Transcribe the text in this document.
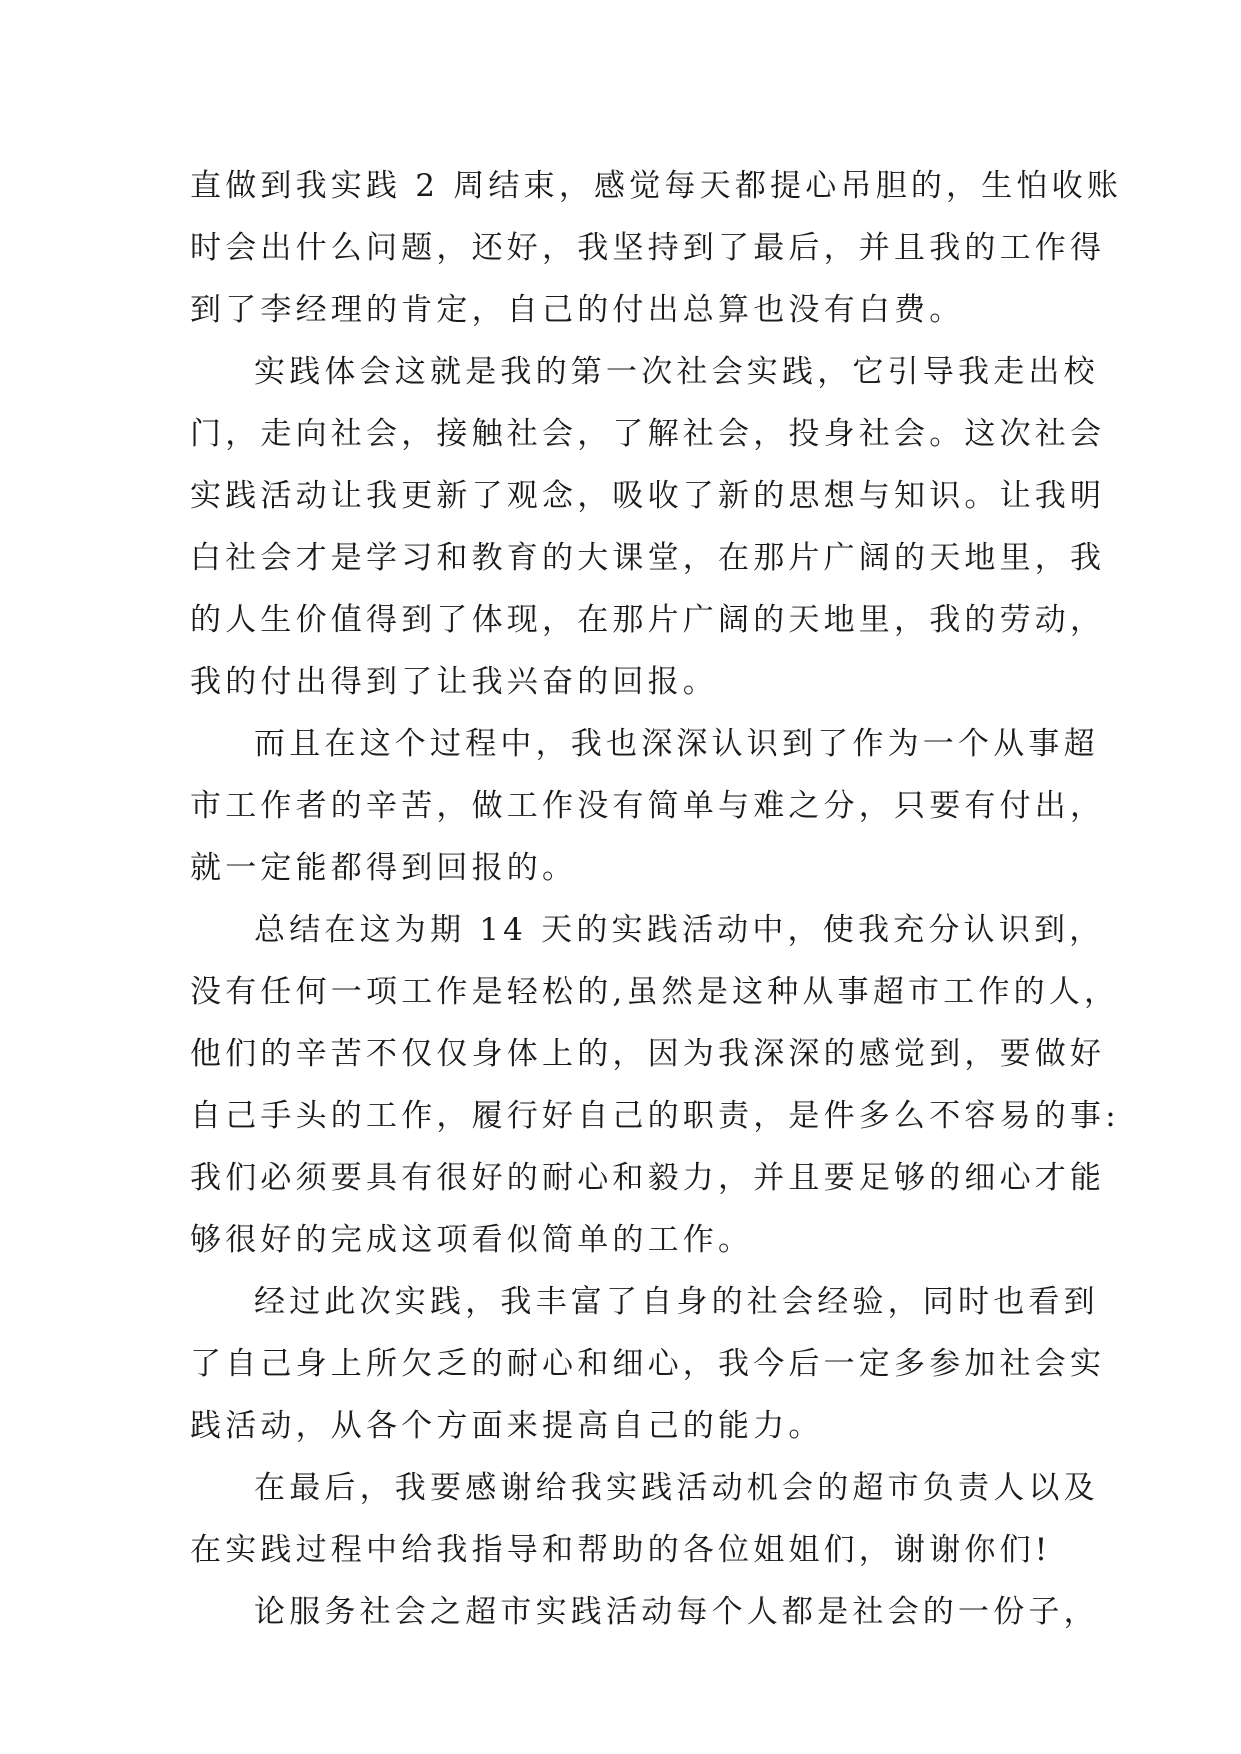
直做到我实践 2 周结束，感觉每天都提心吊胆的，生怕收账
时会出什么问题，还好，我坚持到了最后，并且我的工作得
到了李经理的肯定，自己的付出总算也没有白费。
实践体会这就是我的第一次社会实践，它引导我走出校
门，走向社会，接触社会，了解社会，投身社会。这次社会
实践活动让我更新了观念，吸收了新的思想与知识。让我明
白社会才是学习和教育的大课堂，在那片广阔的天地里，我
的人生价值得到了体现，在那片广阔的天地里，我的劳动，
我的付出得到了让我兴奋的回报。
而且在这个过程中，我也深深认识到了作为一个从事超
市工作者的辛苦，做工作没有简单与难之分，只要有付出，
就一定能都得到回报的。
总结在这为期 14 天的实践活动中，使我充分认识到，
没有任何一项工作是轻松的,虽然是这种从事超市工作的人，
他们的辛苦不仅仅身体上的，因为我深深的感觉到，要做好
自己手头的工作，履行好自己的职责，是件多么不容易的事:
我们必须要具有很好的耐心和毅力，并且要足够的细心才能
够很好的完成这项看似简单的工作。
经过此次实践，我丰富了自身的社会经验，同时也看到
了自己身上所欠乏的耐心和细心，我今后一定多参加社会实
践活动，从各个方面来提高自己的能力。
在最后，我要感谢给我实践活动机会的超市负责人以及
在实践过程中给我指导和帮助的各位姐姐们，谢谢你们!
论服务社会之超市实践活动每个人都是社会的一份子，
